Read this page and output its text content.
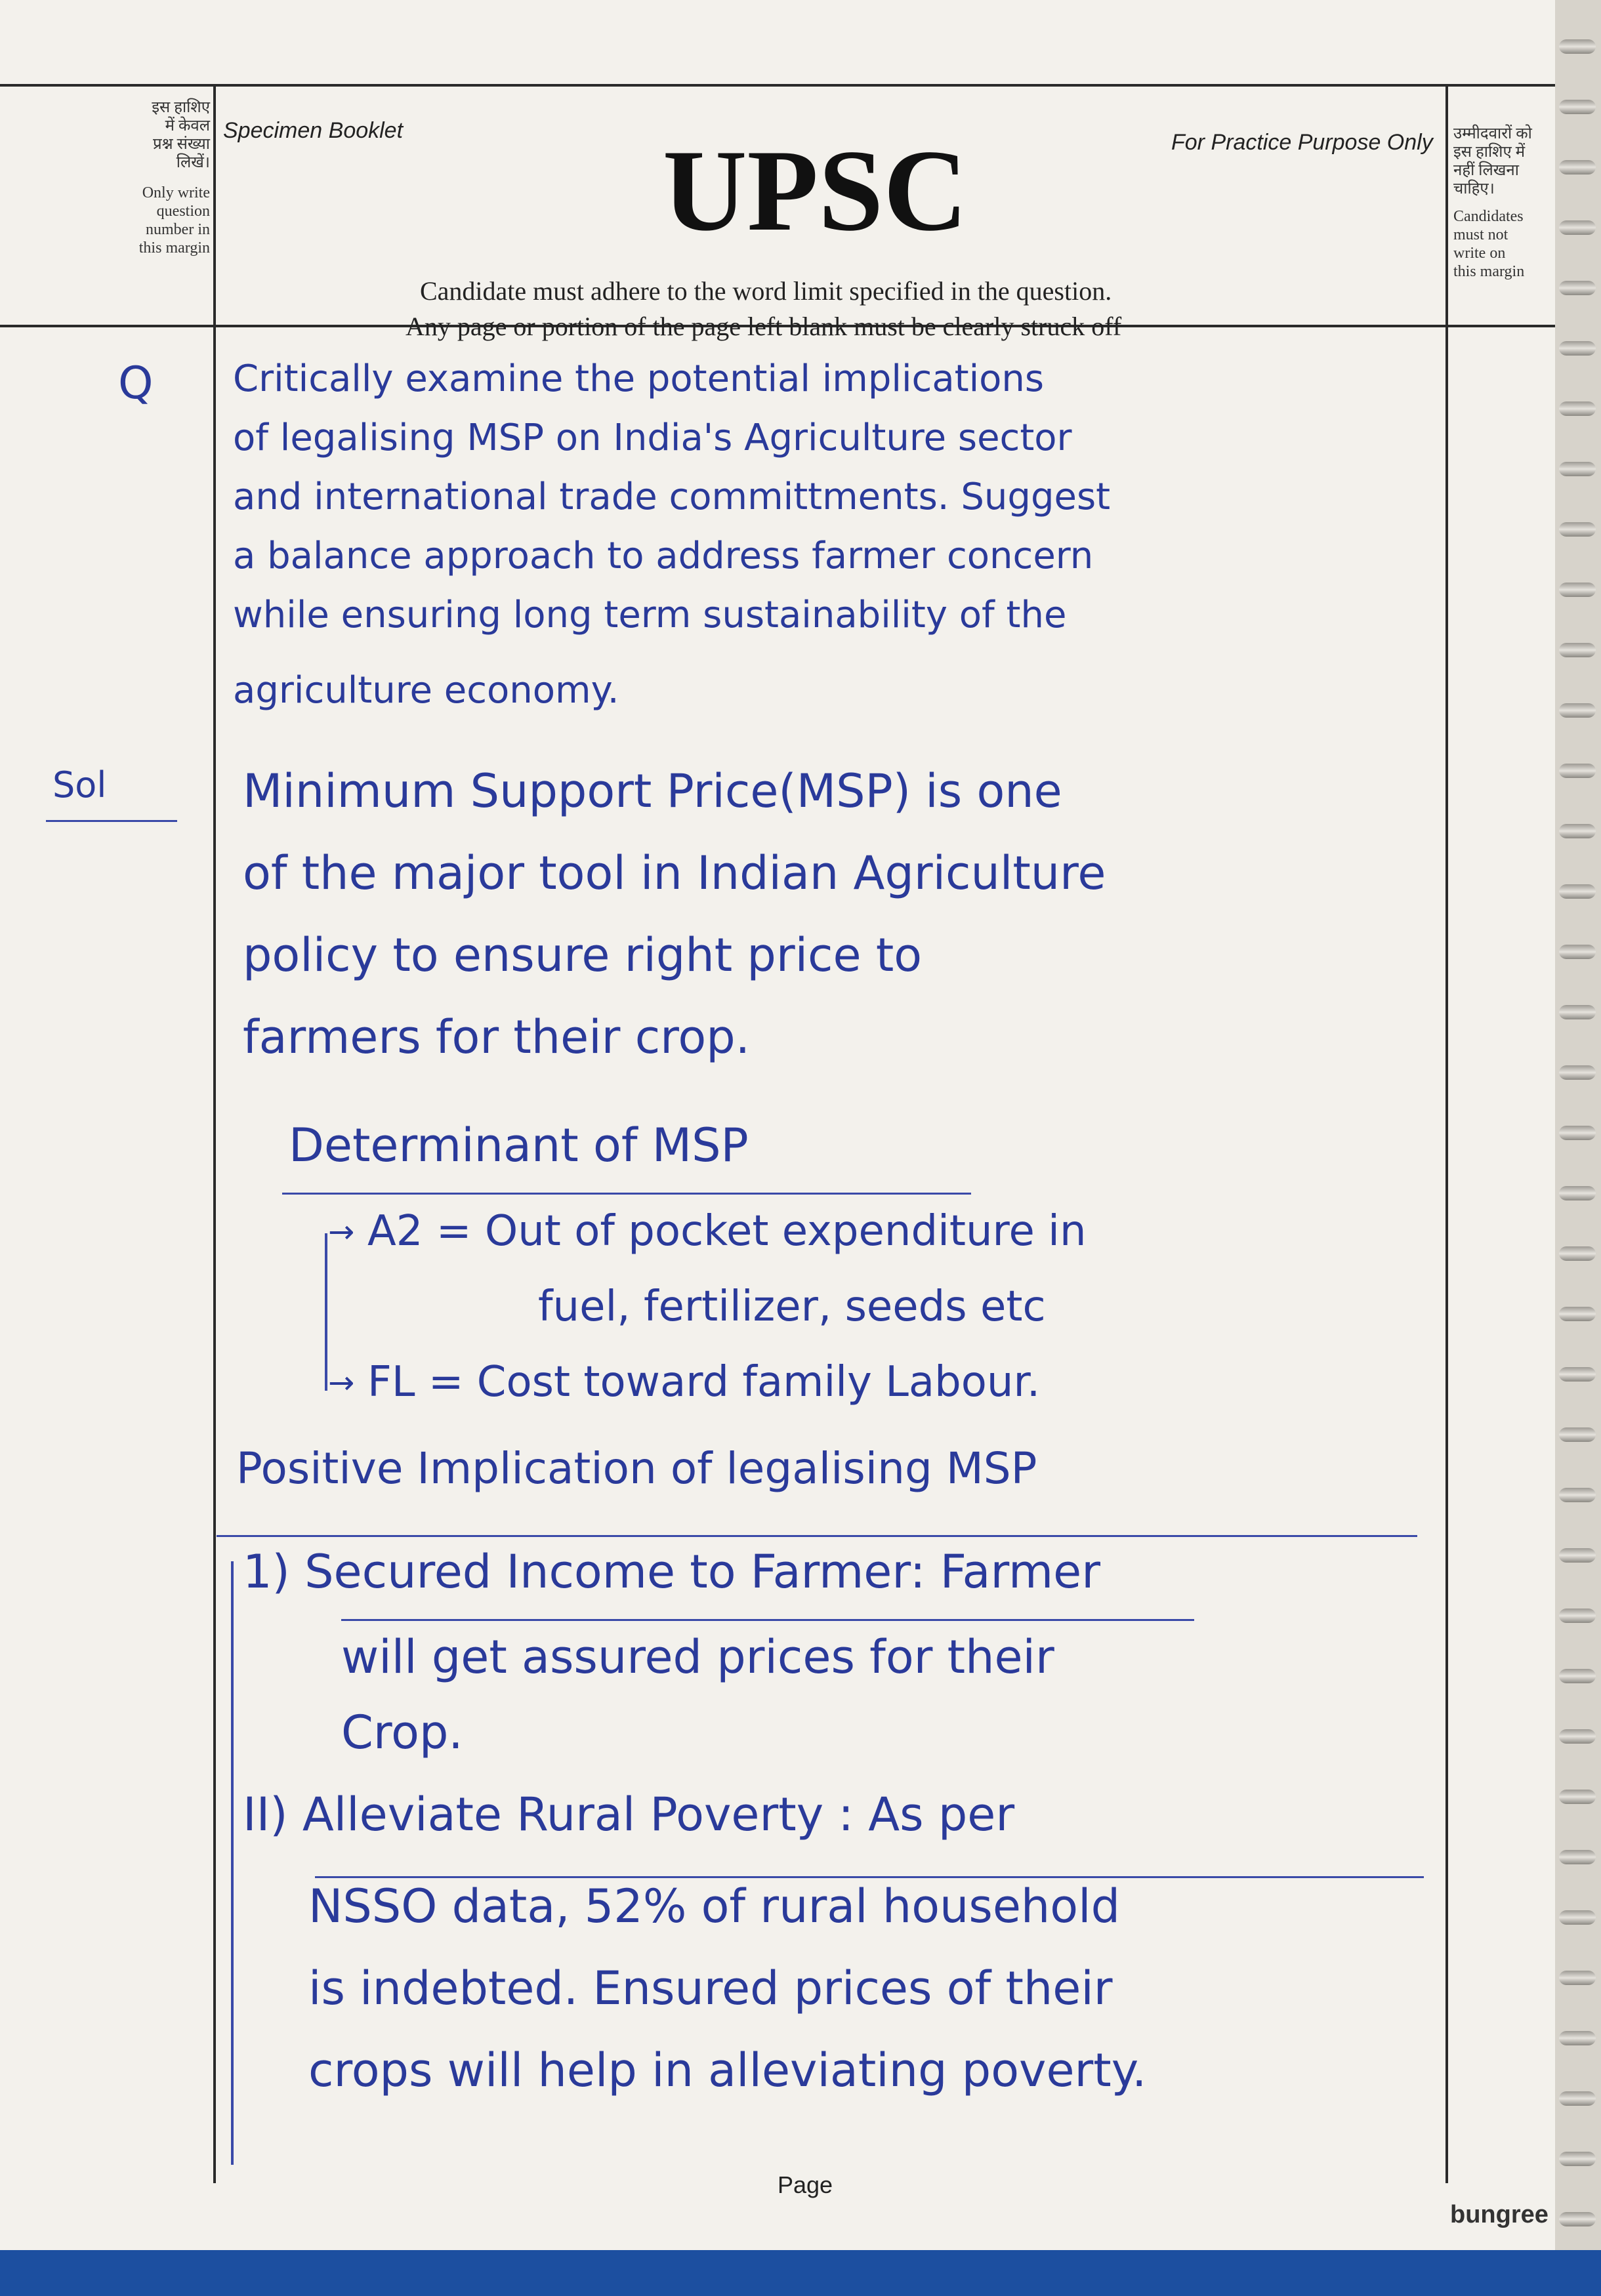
इस हाशिए
में केवल
प्रश्न संख्या
लिखें।
Only write
question
number in
this margin
उम्मीदवारों को
इस हाशिए में
नहीं लिखना
चाहिए।
Candidates
must not
write on
this margin
Specimen Booklet	For Practice Purpose Only
UPSC
Candidate must adhere to the word limit specified in the question.
Any page or portion of the page left blank must be clearly struck off
Q
Sol
Critically examine the potential implications
of legalising MSP on India's Agriculture sector
and international trade committments. Suggest
a balance approach to address farmer concern
while ensuring long term sustainability of the
agriculture economy.
Minimum Support Price(MSP) is one
of the major tool in Indian Agriculture
policy to ensure right price to
farmers for their crop.
Determinant of MSP
→ A2 = Out of pocket expenditure in
fuel, fertilizer, seeds etc
→ FL = Cost toward family Labour.
Positive Implication of legalising MSP
1) Secured Income to Farmer: Farmer
will get assured prices for their
Crop.
II) Alleviate Rural Poverty : As per
NSSO data, 52% of rural household
is indebted. Ensured prices of their
crops will help in alleviating poverty.
Page
bungree
